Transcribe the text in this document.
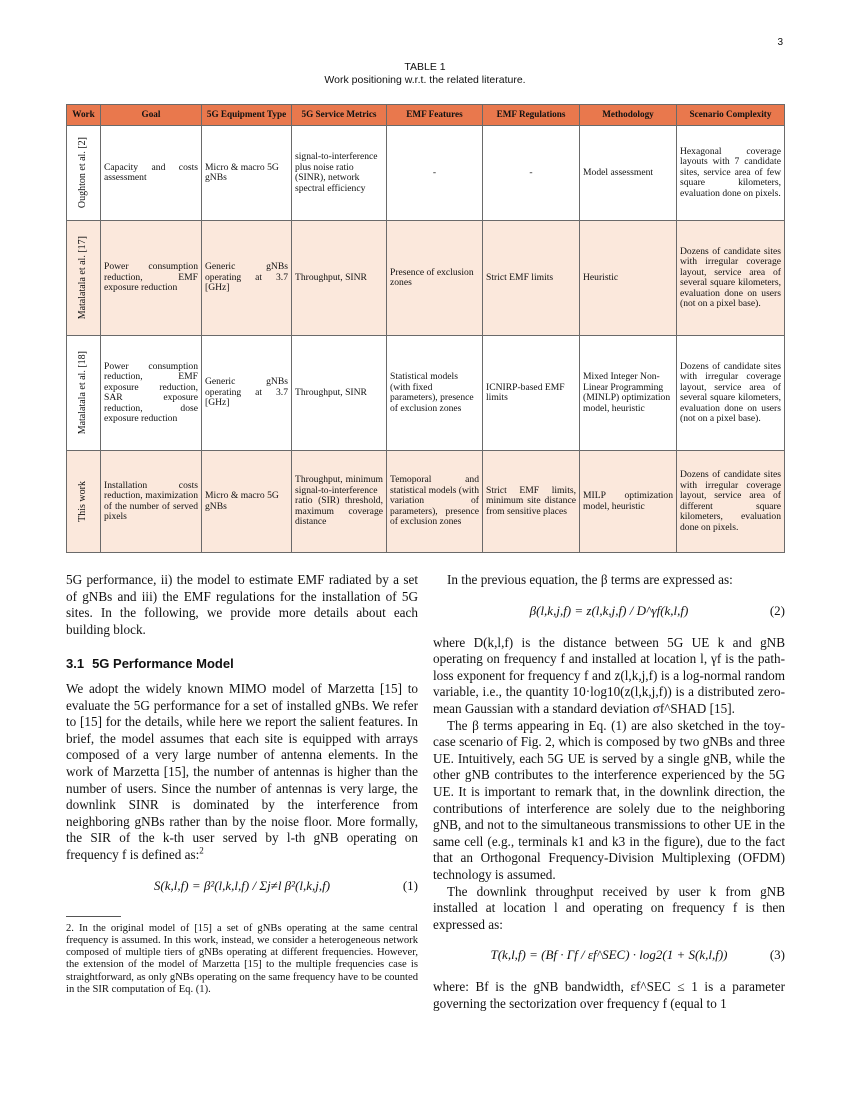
3
TABLE 1
Work positioning w.r.t. the related literature.
Work	Goal	5G Equipment Type	5G Service Metrics	EMF Features	EMF Regulations	Methodology	Scenario Complexity

Oughton et al. [2]	Capacity and costs assessment	Micro & macro 5G gNBs	signal-to-interference plus noise ratio (SINR), network spectral efficiency	-	-	Model assessment	Hexagonal coverage layouts with 7 candidate sites, service area of few square kilometers, evaluation done on pixels.

Matalatala et al. [17]	Power consumption reduction, EMF exposure reduction	Generic gNBs operating at 3.7 [GHz]	Throughput, SINR	Presence of exclusion zones	Strict EMF limits	Heuristic	Dozens of candidate sites with irregular coverage layout, service area of several square kilometers, evaluation done on users (not on a pixel base).

Matalatala et al. [18]	Power consumption reduction, EMF exposure reduction, SAR exposure reduction, dose exposure reduction	Generic gNBs operating at 3.7 [GHz]	Throughput, SINR	Statistical models (with fixed parameters), presence of exclusion zones	ICNIRP-based EMF limits	Mixed Integer Non-Linear Programming (MINLP) optimization model, heuristic	Dozens of candidate sites with irregular coverage layout, service area of several square kilometers, evaluation done on users (not on a pixel base).

This work	Installation costs reduction, maximization of the number of served pixels	Micro & macro 5G gNBs	Throughput, minimum signal-to-interference ratio (SIR) threshold, maximum coverage distance	Temoporal and statistical models (with variation of parameters), presence of exclusion zones	Strict EMF limits, minimum site distance from sensitive places	MILP optimization model, heuristic	Dozens of candidate sites with irregular coverage layout, service area of different square kilometers, evaluation done on pixels.

5G performance, ii) the model to estimate EMF radiated by a set of gNBs and iii) the EMF regulations for the installation of 5G sites. In the following, we provide more details about each building block.

3.1 5G Performance Model

We adopt the widely known MIMO model of Marzetta [15] to evaluate the 5G performance for a set of installed gNBs. We refer to [15] for the details, while here we report the salient features. In brief, the model assumes that each site is equipped with arrays composed of a very large number of antenna elements. In the work of Marzetta [15], the number of antennas is higher than the number of users. Since the number of antennas is very large, the downlink SINR is dominated by the interference from neighboring gNBs rather than by the noise floor. More formally, the SIR of the k-th user served by l-th gNB operating on frequency f is defined as:$^2$

S(k,l,f) = β²(l,k,l,f) / Σj≠l β²(l,k,j,f)	(1)

2. In the original model of [15] a set of gNBs operating at the same central frequency is assumed. In this work, instead, we consider a heterogeneous network composed of multiple tiers of gNBs operating at different frequencies. However, the extension of the model of Marzetta [15] to the multiple frequencies case is straightforward, as only gNBs operating on the same frequency have to be counted in the SIR computation of Eq. (1).

In the previous equation, the β terms are expressed as:

β(l,k,j,f) = z(l,k,j,f) / D^γf(k,l,f)	(2)

where D(k,l,f) is the distance between 5G UE k and gNB operating on frequency f and installed at location l, γf is the path-loss exponent for frequency f and z(l,k,j,f) is a log-normal random variable, i.e., the quantity 10·log10(z(l,k,j,f)) is a distributed zero-mean Gaussian with a standard deviation σf^SHAD [15].

The β terms appearing in Eq. (1) are also sketched in the toy-case scenario of Fig. 2, which is composed by two gNBs and three UE. Intuitively, each 5G UE is served by a single gNB, while the other gNB contributes to the interference experienced by the 5G UE. It is important to remark that, in the downlink direction, the contributions of interference are solely due to the neighboring gNB, and not to the simultaneous transmissions to other UE in the same cell (e.g., terminals k1 and k3 in the figure), due to the fact that an Orthogonal Frequency-Division Multiplexing (OFDM) technology is assumed.

The downlink throughput received by user k from gNB installed at location l and operating on frequency f is then expressed as:

T(k,l,f) = (Bf · Γf / εf^SEC) · log2(1 + S(k,l,f))	(3)

where: Bf is the gNB bandwidth, εf^SEC ≤ 1 is a parameter governing the sectorization over frequency f (equal to 1
